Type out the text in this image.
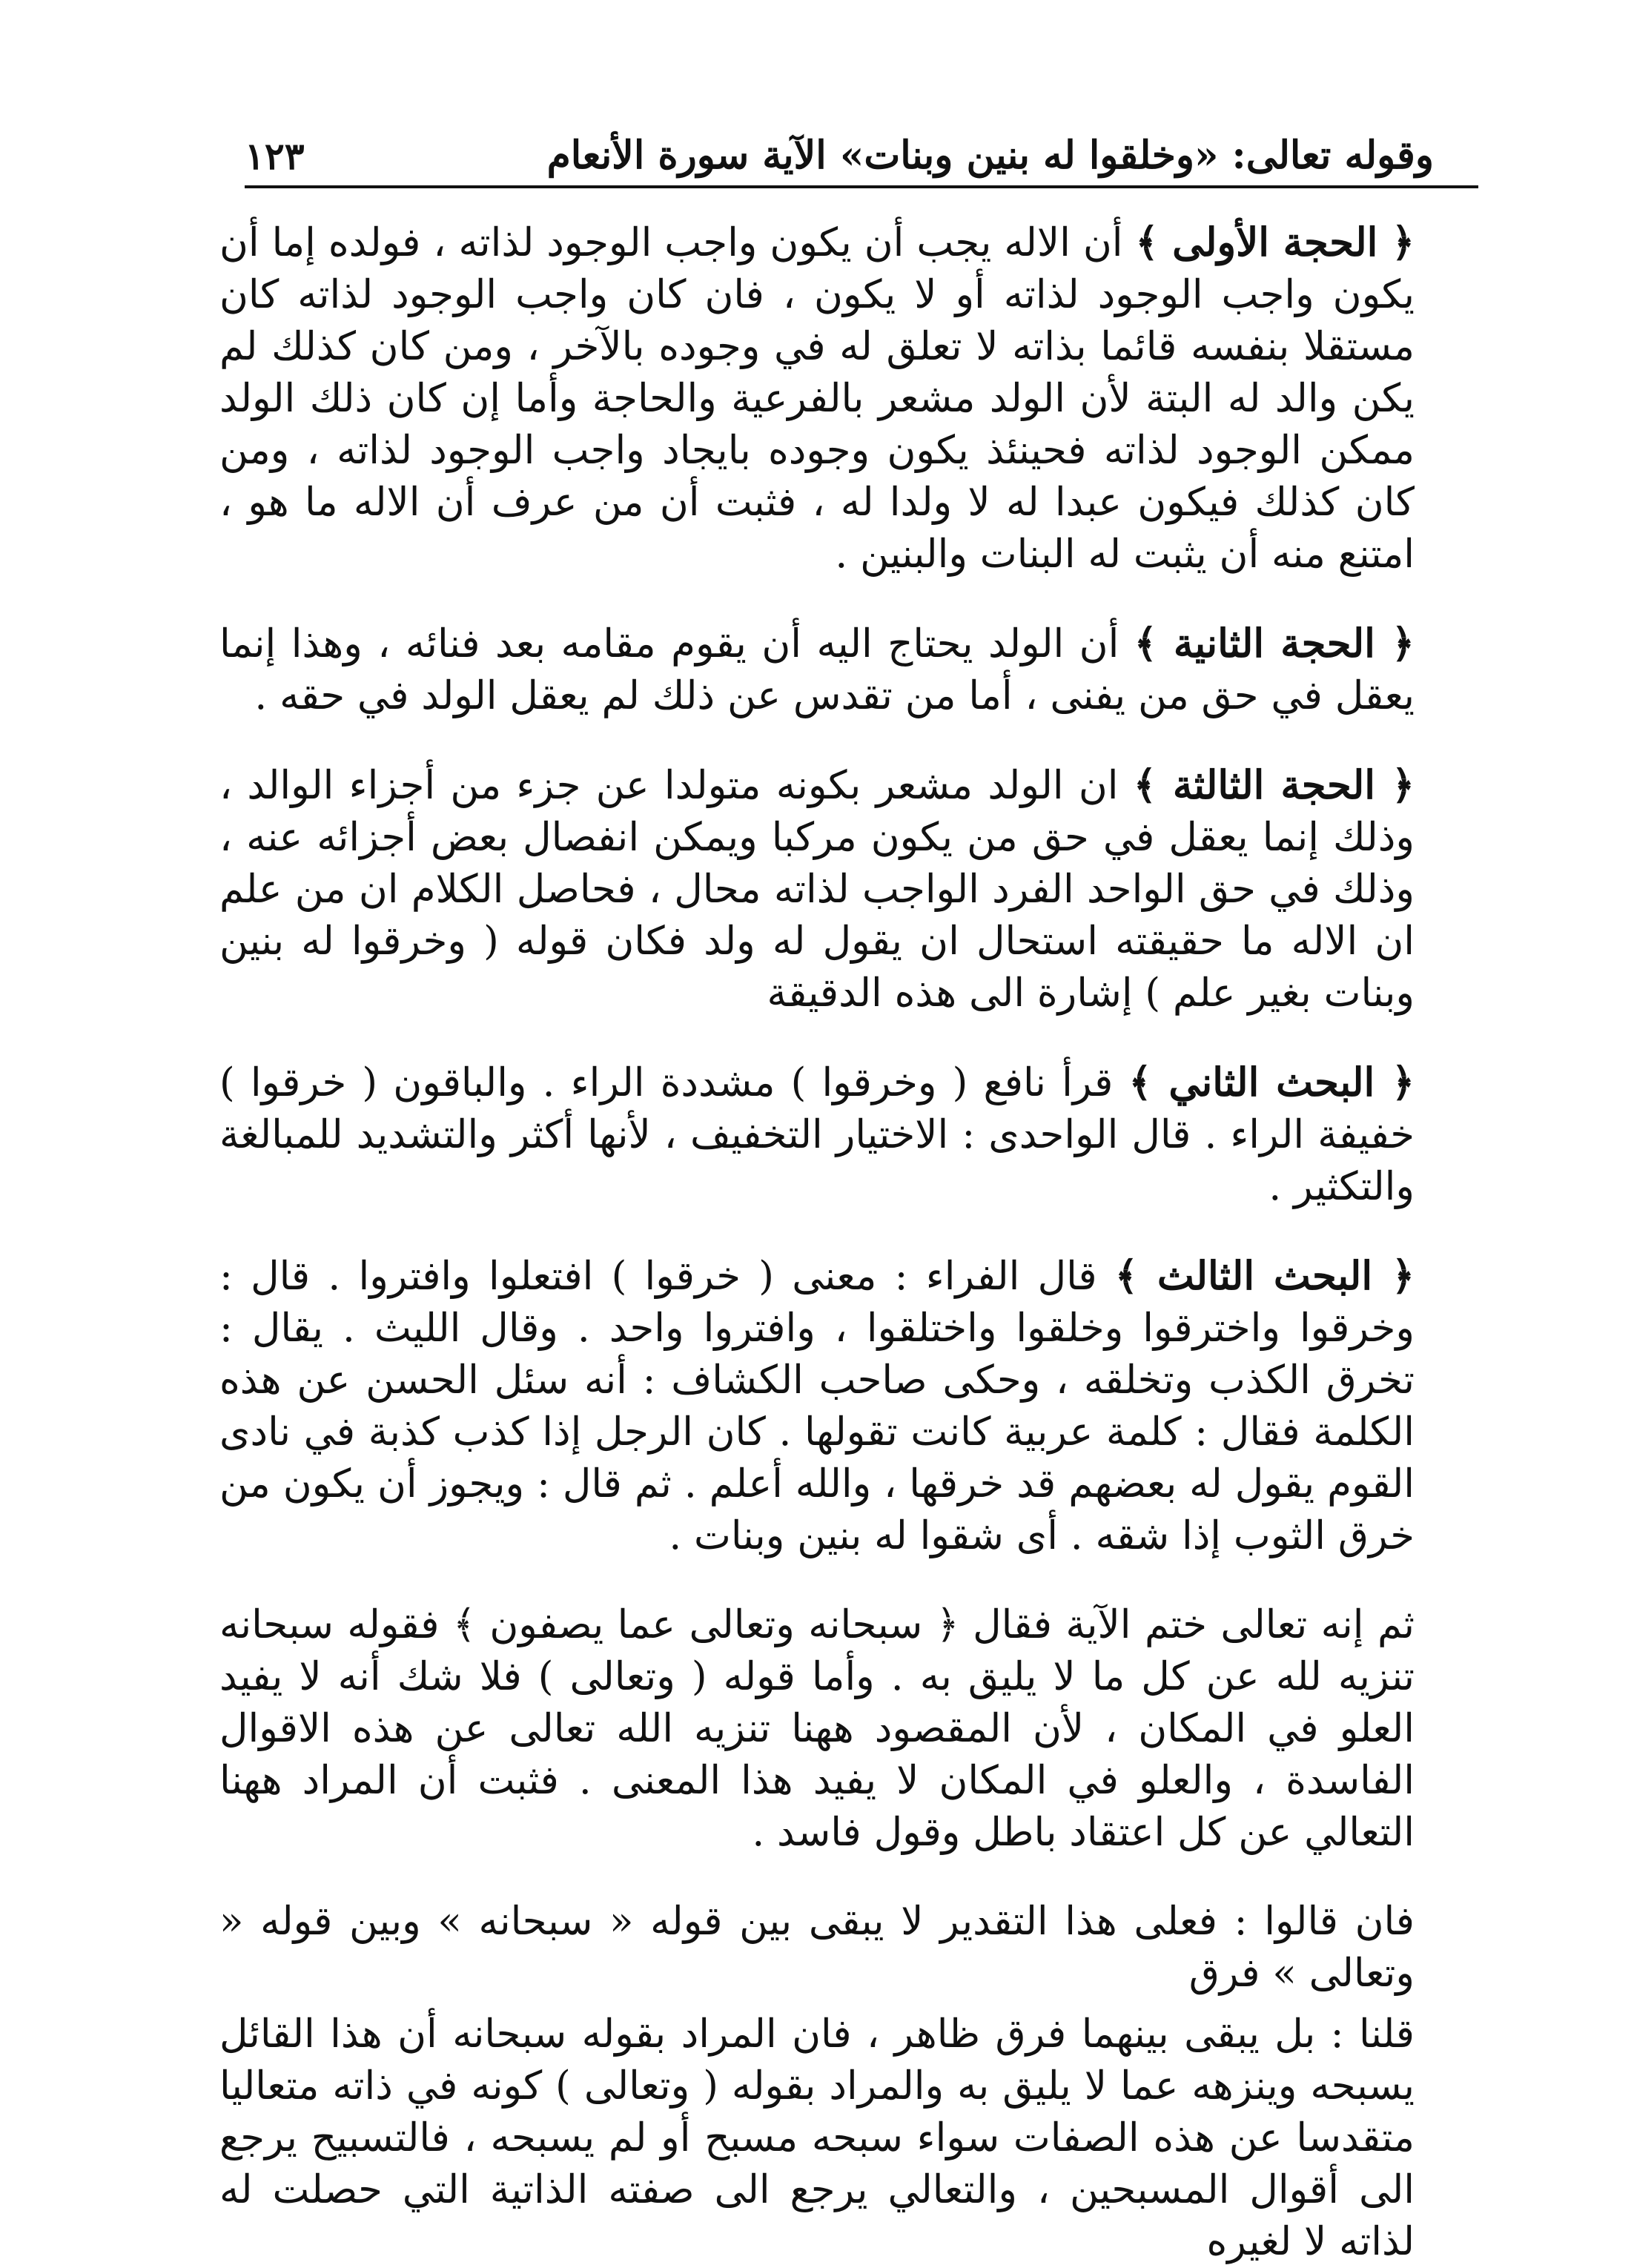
وقوله تعالى: «وخلقوا له بنين وبنات» الآية سورة الأنعام
١٢٣

﴿ الحجة الأولى ﴾ أن الاله يجب أن يكون واجب الوجود لذاته ، فولده إما أن يكون واجب الوجود لذاته أو لا يكون ، فان كان واجب الوجود لذاته كان مستقلا بنفسه قائما بذاته لا تعلق له في وجوده بالآخر ، ومن كان كذلك لم يكن والد له البتة لأن الولد مشعر بالفرعية والحاجة وأما إن كان ذلك الولد ممكن الوجود لذاته فحينئذ يكون وجوده بايجاد واجب الوجود لذاته ، ومن كان كذلك فيكون عبدا له لا ولدا له ، فثبت أن من عرف أن الاله ما هو ، امتنع منه أن يثبت له البنات والبنين .

﴿ الحجة الثانية ﴾ أن الولد يحتاج اليه أن يقوم مقامه بعد فنائه ، وهذا إنما يعقل في حق من يفنى ، أما من تقدس عن ذلك لم يعقل الولد في حقه .

﴿ الحجة الثالثة ﴾ ان الولد مشعر بكونه متولدا عن جزء من أجزاء الوالد ، وذلك إنما يعقل في حق من يكون مركبا ويمكن انفصال بعض أجزائه عنه ، وذلك في حق الواحد الفرد الواجب لذاته محال ، فحاصل الكلام ان من علم ان الاله ما حقيقته استحال ان يقول له ولد فكان قوله ( وخرقوا له بنين وبنات بغير علم ) إشارة الى هذه الدقيقة

﴿ البحث الثاني ﴾ قرأ نافع ( وخرقوا ) مشددة الراء . والباقون ( خرقوا ) خفيفة الراء . قال الواحدى : الاختيار التخفيف ، لأنها أكثر والتشديد للمبالغة والتكثير .

﴿ البحث الثالث ﴾ قال الفراء : معنى ( خرقوا ) افتعلوا وافتروا . قال : وخرقوا واخترقوا وخلقوا واختلقوا ، وافتروا واحد . وقال الليث . يقال : تخرق الكذب وتخلقه ، وحكى صاحب الكشاف : أنه سئل الحسن عن هذه الكلمة فقال : كلمة عربية كانت تقولها . كان الرجل إذا كذب كذبة في نادى القوم يقول له بعضهم قد خرقها ، والله أعلم . ثم قال : ويجوز أن يكون من خرق الثوب إذا شقه . أى شقوا له بنين وبنات .

ثم إنه تعالى ختم الآية فقال ﴿ سبحانه وتعالى عما يصفون ﴾ فقوله سبحانه تنزيه لله عن كل ما لا يليق به . وأما قوله ( وتعالى ) فلا شك أنه لا يفيد العلو في المكان ، لأن المقصود ههنا تنزيه الله تعالى عن هذه الاقوال الفاسدة ، والعلو في المكان لا يفيد هذا المعنى . فثبت أن المراد ههنا التعالي عن كل اعتقاد باطل وقول فاسد .

فان قالوا : فعلى هذا التقدير لا يبقى بين قوله « سبحانه » وبين قوله « وتعالى » فرق

قلنا : بل يبقى بينهما فرق ظاهر ، فان المراد بقوله سبحانه أن هذا القائل يسبحه وينزهه عما لا يليق به والمراد بقوله ( وتعالى ) كونه في ذاته متعاليا متقدسا عن هذه الصفات سواء سبحه مسبح أو لم يسبحه ، فالتسبيح يرجع الى أقوال المسبحين ، والتعالي يرجع الى صفته الذاتية التي حصلت له لذاته لا لغيره
